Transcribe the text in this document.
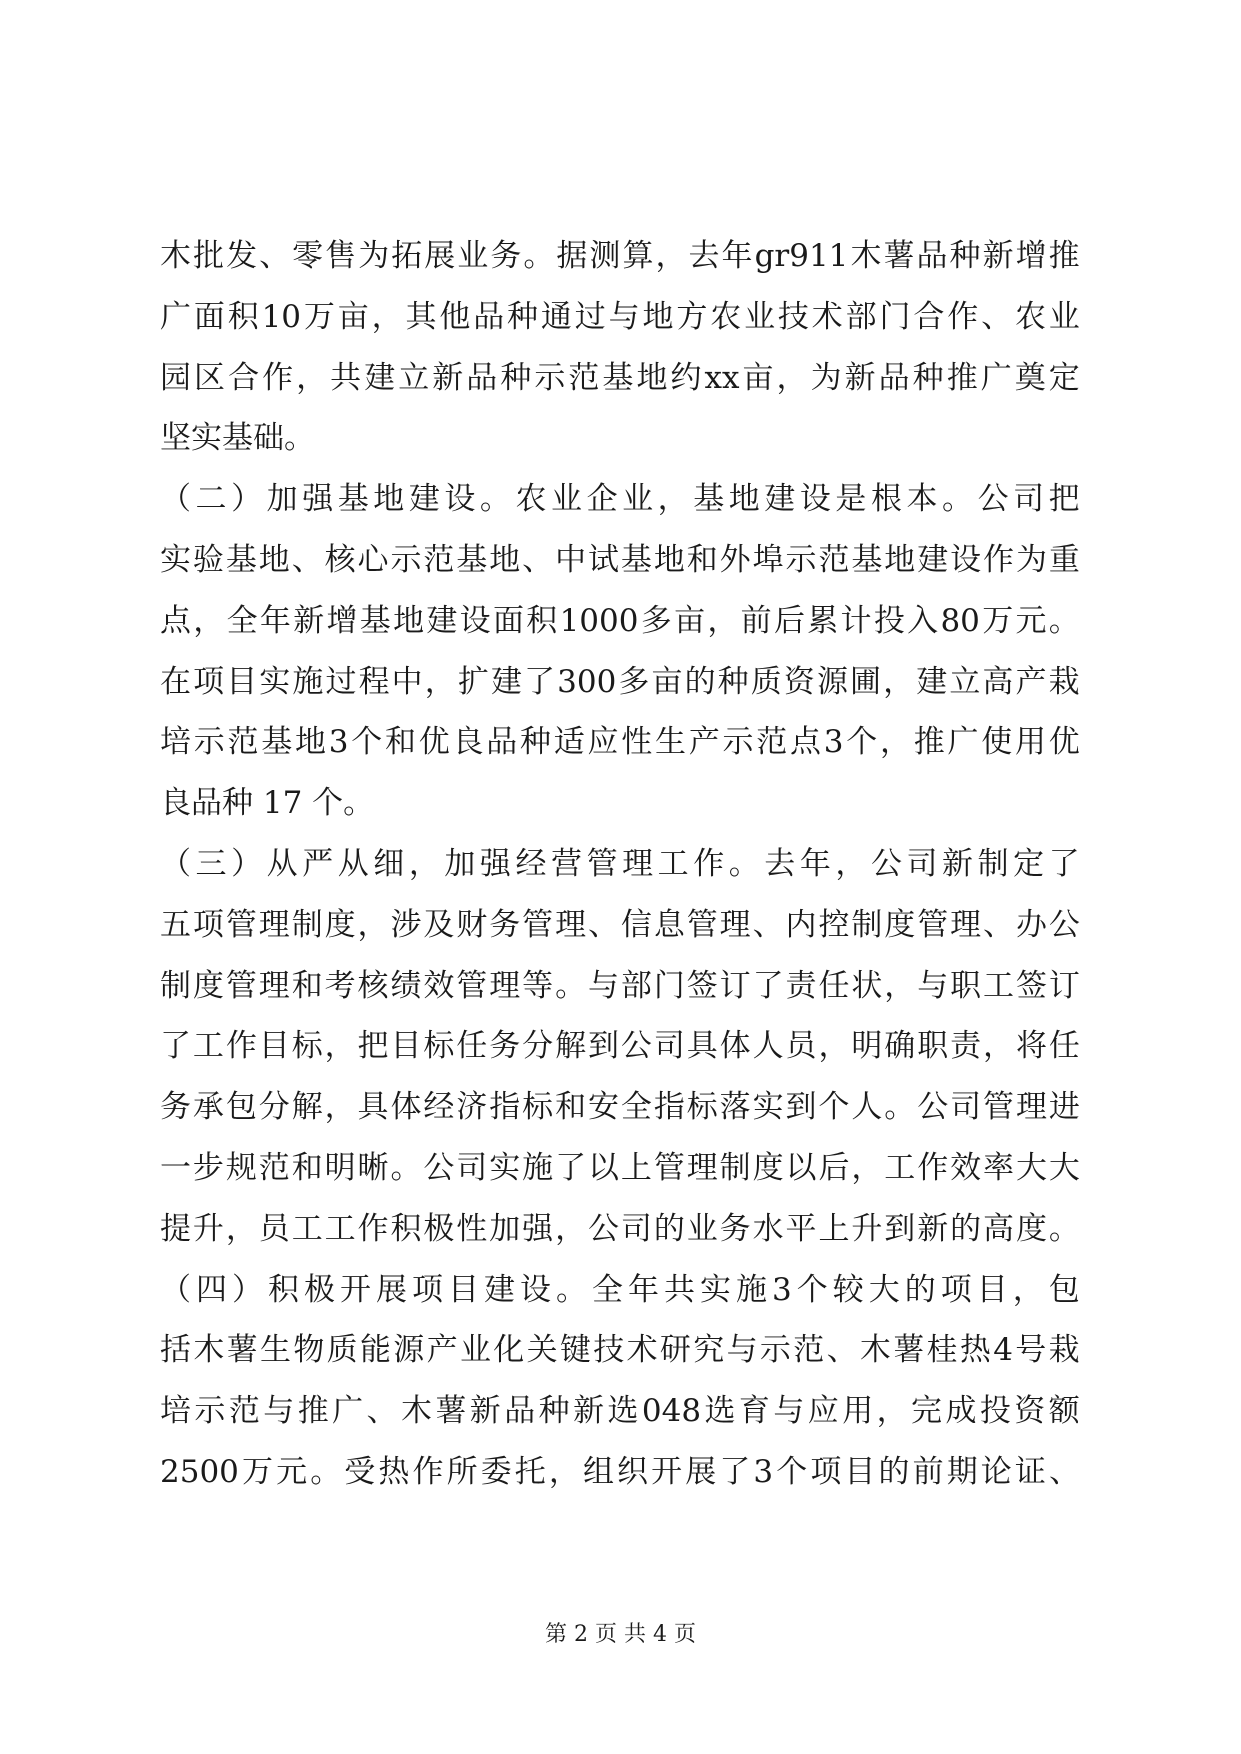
木 批 发 、 零 售 为 拓 展 业 务 。 据 测 算 ， 去 年 gr911 木 薯 品 种 新 增 推
广 面 积 10 万 亩 ， 其 他 品 种 通 过 与 地 方 农 业 技 术 部 门 合 作 、 农 业
园 区 合 作 ， 共 建 立 新 品 种 示 范 基 地 约 xx 亩 ， 为 新 品 种 推 广 奠 定
坚实基础。
（ 二 ） 加 强 基 地 建 设 。 农 业 企 业 ， 基 地 建 设 是 根 本 。 公 司 把
实 验 基 地 、 核 心 示 范 基 地 、 中 试 基 地 和 外 埠 示 范 基 地 建 设 作 为 重
点 ， 全 年 新 增 基 地 建 设 面 积 1000 多 亩 ， 前 后 累 计 投 入 80 万 元 。
在 项 目 实 施 过 程 中 ， 扩 建 了 300 多 亩 的 种 质 资 源 圃 ， 建 立 高 产 栽
培 示 范 基 地 3 个 和 优 良 品 种 适 应 性 生 产 示 范 点 3 个 ， 推 广 使 用 优
良品种 17 个。
（ 三 ） 从 严 从 细 ， 加 强 经 营 管 理 工 作 。 去 年 ， 公 司 新 制 定 了
五 项 管 理 制 度 ， 涉 及 财 务 管 理 、 信 息 管 理 、 内 控 制 度 管 理 、 办 公
制 度 管 理 和 考 核 绩 效 管 理 等 。 与 部 门 签 订 了 责 任 状 ， 与 职 工 签 订
了 工 作 目 标 ， 把 目 标 任 务 分 解 到 公 司 具 体 人 员 ， 明 确 职 责 ， 将 任
务 承 包 分 解 ， 具 体 经 济 指 标 和 安 全 指 标 落 实 到 个 人 。 公 司 管 理 进
一 步 规 范 和 明 晰 。 公 司 实 施 了 以 上 管 理 制 度 以 后 ， 工 作 效 率 大 大
提 升 ， 员 工 工 作 积 极 性 加 强 ， 公 司 的 业 务 水 平 上 升 到 新 的 高 度 。
（ 四 ） 积 极 开 展 项 目 建 设 。 全 年 共 实 施 3 个 较 大 的 项 目 ， 包
括 木 薯 生 物 质 能 源 产 业 化 关 键 技 术 研 究 与 示 范 、 木 薯 桂 热 4 号 栽
培 示 范 与 推 广 、 木 薯 新 品 种 新 选 048 选 育 与 应 用 ， 完 成 投 资 额
2500 万 元 。 受 热 作 所 委 托 ， 组 织 开 展 了 3 个 项 目 的 前 期 论 证 、
第 2 页 共 4 页
